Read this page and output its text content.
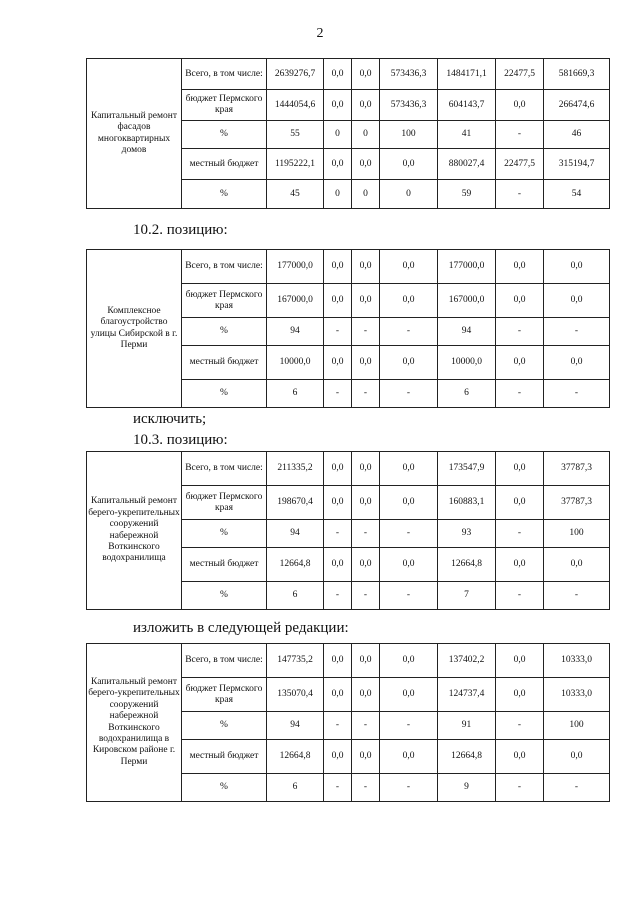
2
Капитальный ремонт фасадов многоквартирных домов	Всего, в том числе:	2639276,7	0,0	0,0	573436,3	1484171,1	22477,5	581669,3
	бюджет Пермского края	1444054,6	0,0	0,0	573436,3	604143,7	0,0	266474,6
	%	55	0	0	100	41	-	46
	местный бюджет	1195222,1	0,0	0,0	0,0	880027,4	22477,5	315194,7
	%	45	0	0	0	59	-	54
10.2. позицию:
Комплексное благоустройство улицы Сибирской в г. Перми	Всего, в том числе:	177000,0	0,0	0,0	0,0	177000,0	0,0	0,0
	бюджет Пермского края	167000,0	0,0	0,0	0,0	167000,0	0,0	0,0
	%	94	-	-	-	94	-	-
	местный бюджет	10000,0	0,0	0,0	0,0	10000,0	0,0	0,0
	%	6	-	-	-	6	-	-
исключить;
10.3. позицию:
Капитальный ремонт берего-укрепительных сооружений набережной Воткинского водохранилища	Всего, в том числе:	211335,2	0,0	0,0	0,0	173547,9	0,0	37787,3
	бюджет Пермского края	198670,4	0,0	0,0	0,0	160883,1	0,0	37787,3
	%	94	-	-	-	93	-	100
	местный бюджет	12664,8	0,0	0,0	0,0	12664,8	0,0	0,0
	%	6	-	-	-	7	-	-
изложить в следующей редакции:
Капитальный ремонт берего-укрепительных сооружений набережной Воткинского водохранилища в Кировском районе г. Перми	Всего, в том числе:	147735,2	0,0	0,0	0,0	137402,2	0,0	10333,0
	бюджет Пермского края	135070,4	0,0	0,0	0,0	124737,4	0,0	10333,0
	%	94	-	-	-	91	-	100
	местный бюджет	12664,8	0,0	0,0	0,0	12664,8	0,0	0,0
	%	6	-	-	-	9	-	-
